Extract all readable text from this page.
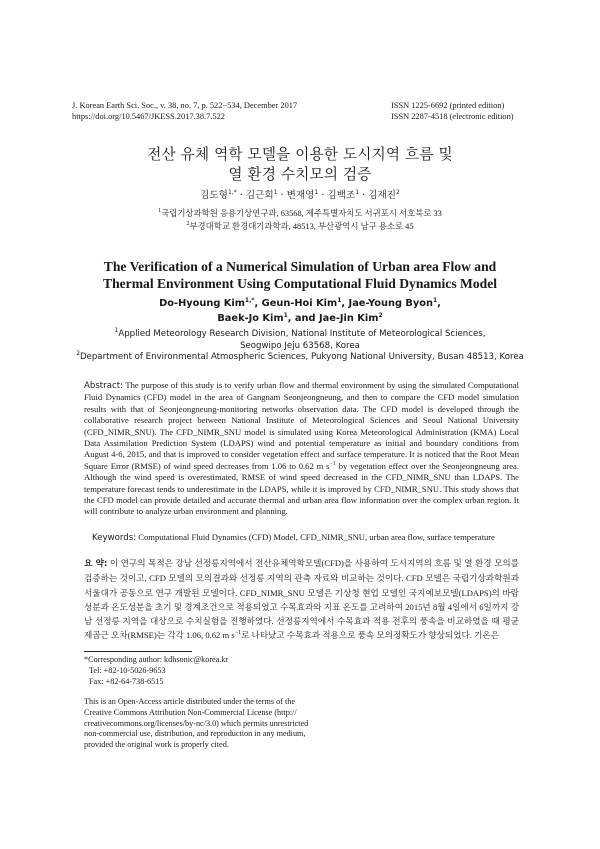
J. Korean Earth Sci. Soc., v. 38, no. 7, p. 522−534, December 2017
https://doi.org/10.5467/JKESS.2017.38.7.522
ISSN 1225-6692 (printed edition)
ISSN 2287-4518 (electronic edition)
전산 유체 역학 모델을 이용한 도시지역 흐름 및
열 환경 수치모의 검증
김도형$^{1,*}$ · 김근회$^1$ · 변재영$^1$ · 김백조$^1$ · 김재진$^2$
$^1$국립기상과학원 응용기상연구과, 63568, 제주특별자치도 서귀포시 서호북로 33
$^2$부경대학교 환경대기과학과, 48513, 부산광역시 남구 용소로 45
The Verification of a Numerical Simulation of Urban area Flow and
Thermal Environment Using Computational Fluid Dynamics Model
Do-Hyoung Kim$^{1,*}$, Geun-Hoi Kim$^1$, Jae-Young Byon$^1$,
Baek-Jo Kim$^1$, and Jae-Jin Kim$^2$
$^1$Applied Meteorology Research Division, National Institute of Meteorological Sciences,
Seogwipo Jeju 63568, Korea
$^2$Department of Environmental Atmospheric Sciences, Pukyong National University, Busan 48513, Korea
Abstract: The purpose of this study is to verify urban flow and thermal environment by using the simulated Computational Fluid Dynamics (CFD) model in the area of Gangnam Seonjeongneung, and then to compare the CFD model simulation results with that of Seonjeongneung-monitoring networks observation data. The CFD model is developed through the collaborative research project between National Institute of Meteorological Sciences and Seoul National University (CFD_NIMR_SNU). The CFD_NIMR_SNU model is simulated using Korea Meteorological Administration (KMA) Local Data Assimilation Prediction System (LDAPS) wind and potential temperature as initial and boundary conditions from August 4-6, 2015, and that is improved to consider vegetation effect and surface temperature. It is noticed that the Root Mean Square Error (RMSE) of wind speed decreases from 1.06 to 0.62 m $s^{-1}$ by vegetation effect over the Seonjeongneung area. Although the wind speed is overestimated, RMSE of wind speed decreased in the CFD_NIMR_SNU than LDAPS. The temperature forecast tends to underestimate in the LDAPS, while it is improved by CFD_NIMR_SNU. This study shows that the CFD model can provide detailed and accurate thermal and urban area flow information over the complex urban region. It will contribute to analyze urban environment and planning.
Keywords: Computational Fluid Dynamics (CFD) Model, CFD_NIMR_SNU, urban area flow, surface temperature
요 약: 이 연구의 목적은 강남 선정릉지역에서 전산유체역학모델(CFD)을 사용하여 도시지역의 흐름 및 열 환경 모의를 검증하는 것이고, CFD 모델의 모의결과와 선정릉 지역의 관측 자료와 비교하는 것이다. CFD 모델은 국립기상과학원과 서울대가 공동으로 연구 개발된 모델이다. CFD_NIMR_SNU 모델은 기상청 현업 모델인 국지예보모델(LDAPS)의 바람 성분과 온도성분을 초기 및 경계조건으로 적용되었고 수목효과와 지표 온도를 고려하여 2015년 8월 4일에서 6일까지 강남 선정릉 지역을 대상으로 수치실험을 진행하였다. 선정릉지역에서 수목효과 적용 전후의 풍속을 비교하였을 때 평균 제곱근 오차(RMSE)는 각각 1.06, 0.62 m $s^{-1}$로 나타났고 수목효과 적용으로 풍속 모의정확도가 향상되었다. 기온은
*Corresponding author: kdhsonic@korea.kr
Tel: +82-10-5026-9653
Fax: +82-64-738-6515
This is an Open-Access article distributed under the terms of the
Creative Commons Attribution Non-Commercial License (http://
creativecommons.org/licenses/by-nc/3.0) which permits unrestricted
non-commercial use, distribution, and reproduction in any medium,
provided the original work is properly cited.
